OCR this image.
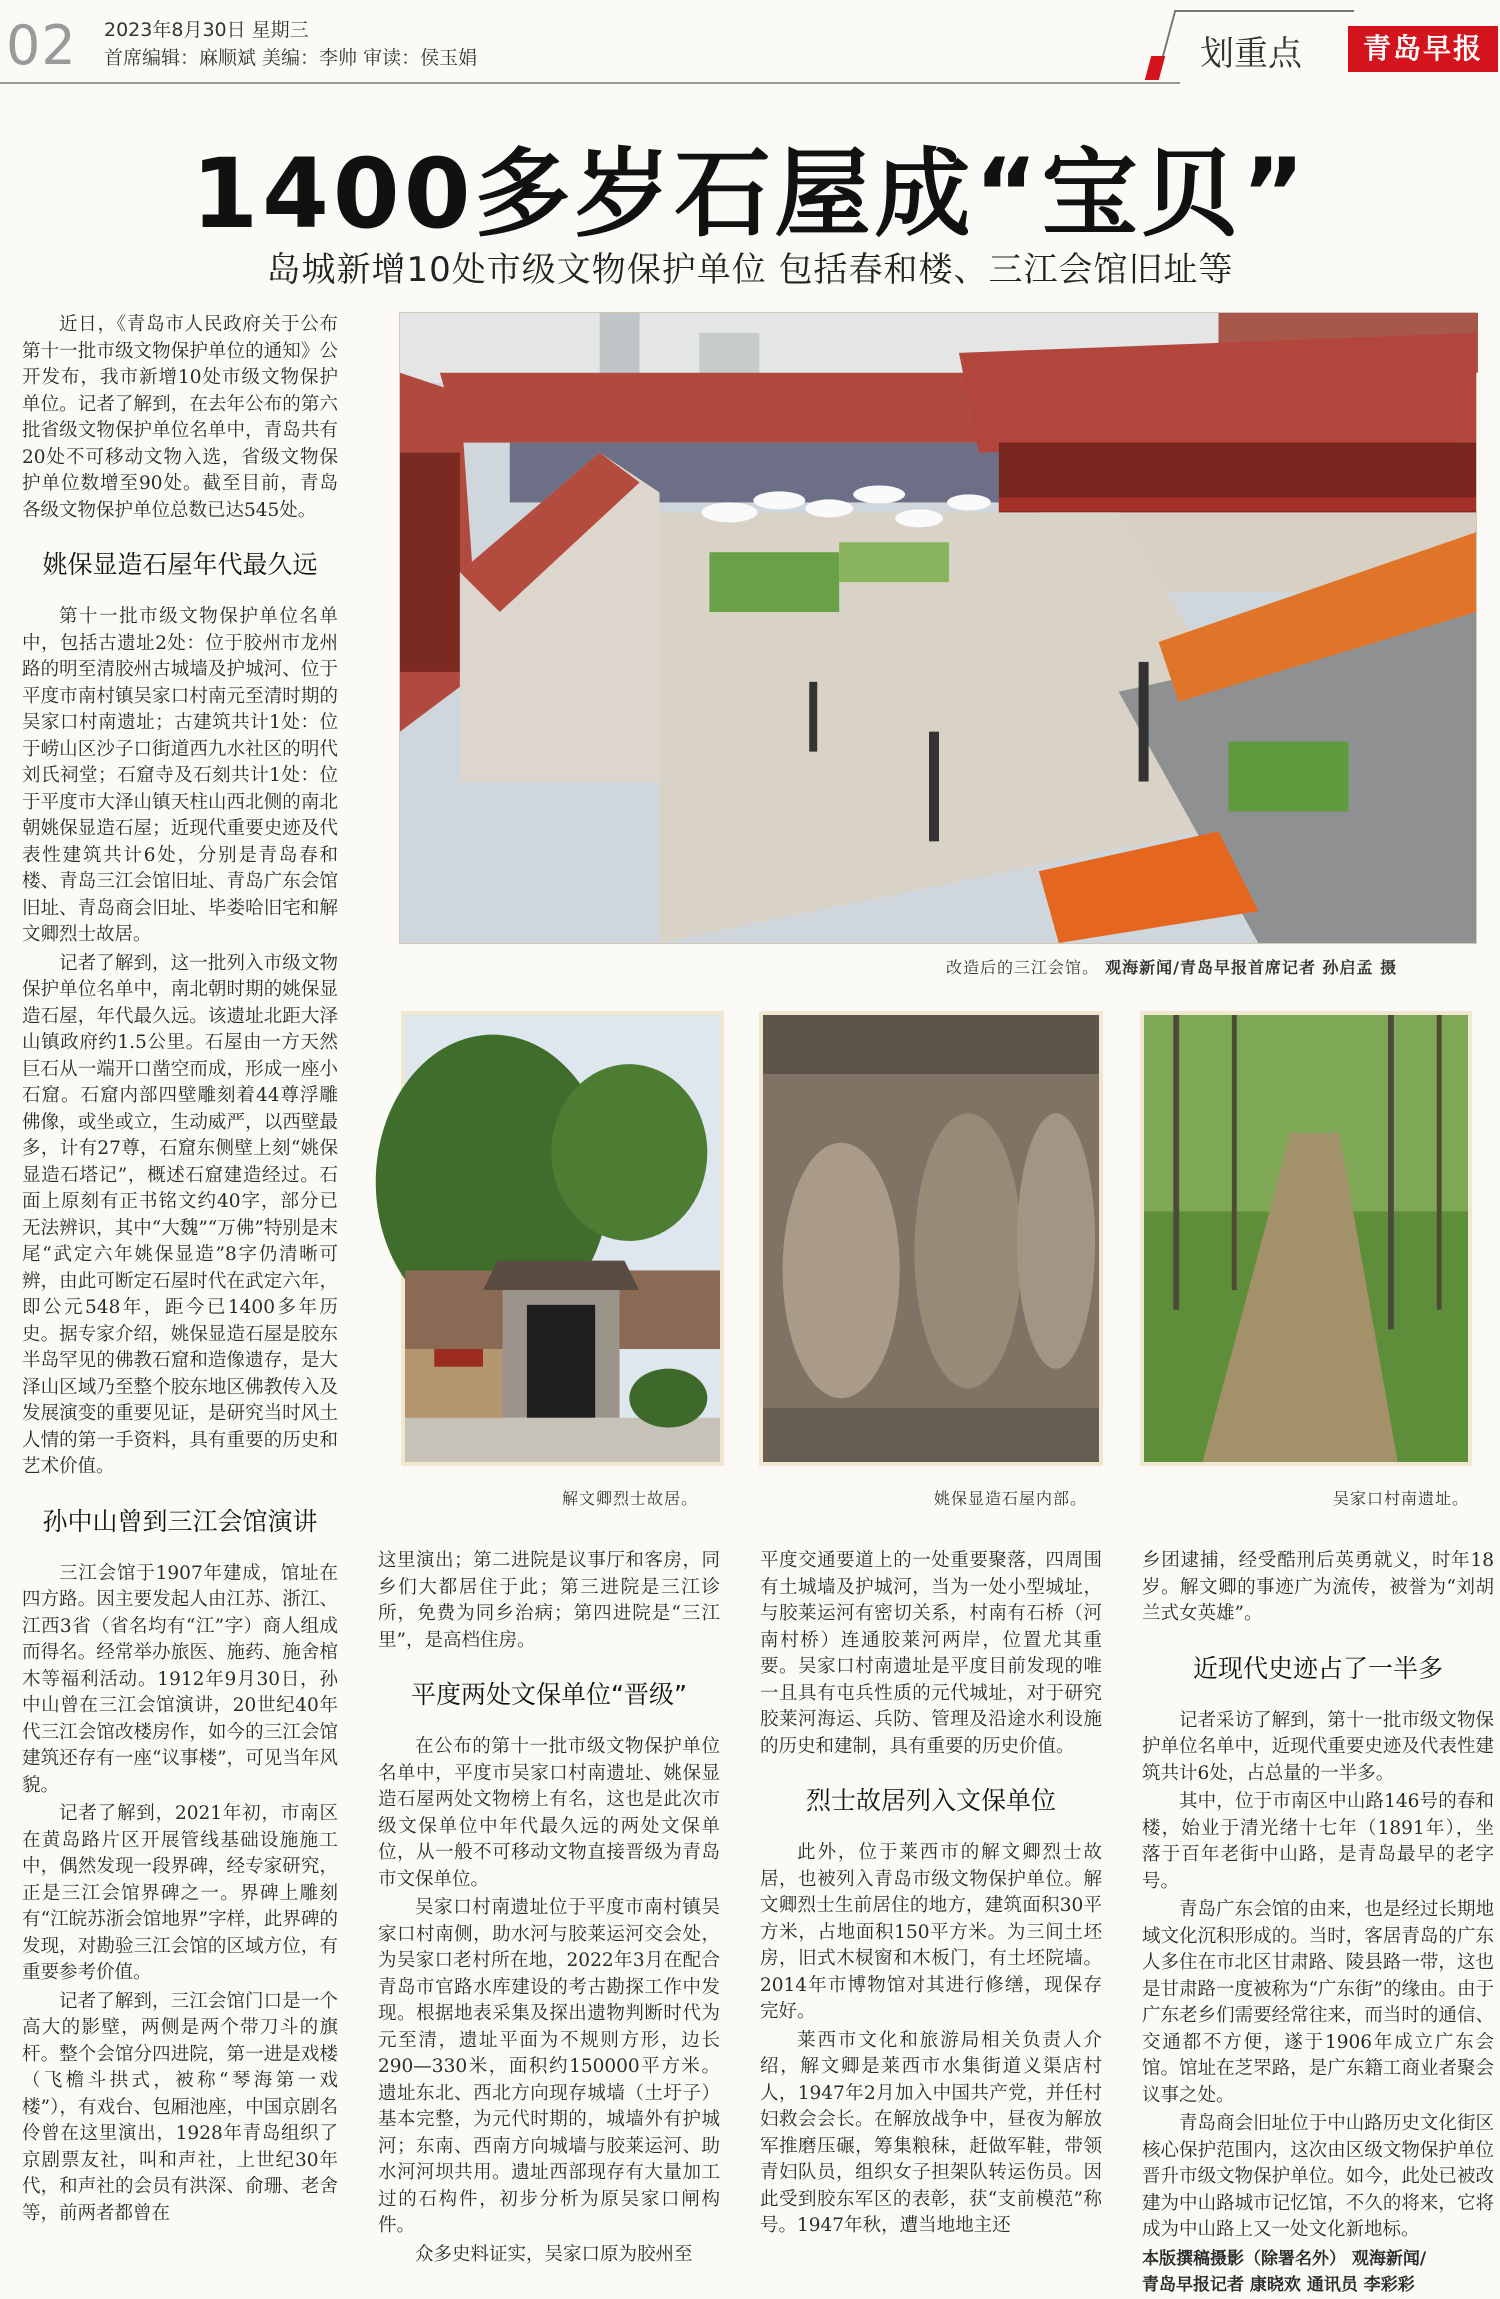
02 2023年8月30日 星期三
首席编辑：麻顺斌 美编：李帅 审读：侯玉娟	划重点	青岛早报
1400多岁石屋成“宝贝”
岛城新增10处市级文物保护单位 包括春和楼、三江会馆旧址等
改造后的三江会馆。 观海新闻/青岛早报首席记者 孙启孟 摄
解文卿烈士故居。	姚保显造石屋内部。	吴家口村南遗址。

近日，《青岛市人民政府关于公布第十一批市级文物保护单位的通知》公开发布，我市新增10处市级文物保护单位。记者了解到，在去年公布的第六批省级文物保护单位名单中，青岛共有20处不可移动文物入选，省级文物保护单位数增至90处。截至目前，青岛各级文物保护单位总数已达545处。

姚保显造石屋年代最久远

第十一批市级文物保护单位名单中，包括古遗址2处：位于胶州市龙州路的明至清胶州古城墙及护城河、位于平度市南村镇吴家口村南元至清时期的吴家口村南遗址；古建筑共计1处：位于崂山区沙子口街道西九水社区的明代刘氏祠堂；石窟寺及石刻共计1处：位于平度市大泽山镇天柱山西北侧的南北朝姚保显造石屋；近现代重要史迹及代表性建筑共计6处，分别是青岛春和楼、青岛三江会馆旧址、青岛广东会馆旧址、青岛商会旧址、毕娄哈旧宅和解文卿烈士故居。

记者了解到，这一批列入市级文物保护单位名单中，南北朝时期的姚保显造石屋，年代最久远。该遗址北距大泽山镇政府约1.5公里。石屋由一方天然巨石从一端开口凿空而成，形成一座小石窟。石窟内部四壁雕刻着44尊浮雕佛像，或坐或立，生动威严，以西壁最多，计有27尊，石窟东侧壁上刻“姚保显造石塔记”，概述石窟建造经过。石面上原刻有正书铭文约40字，部分已无法辨识，其中“大魏”“万佛”特别是末尾“武定六年姚保显造”8字仍清晰可辨，由此可断定石屋时代在武定六年，即公元548年，距今已1400多年历史。据专家介绍，姚保显造石屋是胶东半岛罕见的佛教石窟和造像遗存，是大泽山区域乃至整个胶东地区佛教传入及发展演变的重要见证，是研究当时风土人情的第一手资料，具有重要的历史和艺术价值。

孙中山曾到三江会馆演讲

三江会馆于1907年建成，馆址在四方路。因主要发起人由江苏、浙江、江西3省（省名均有“江”字）商人组成而得名。经常举办旅医、施药、施舍棺木等福利活动。1912年9月30日，孙中山曾在三江会馆演讲，20世纪40年代三江会馆改楼房作，如今的三江会馆建筑还存有一座“议事楼”，可见当年风貌。

记者了解到，2021年初，市南区在黄岛路片区开展管线基础设施施工中，偶然发现一段界碑，经专家研究，正是三江会馆界碑之一。界碑上雕刻有“江皖苏浙会馆地界”字样，此界碑的发现，对勘验三江会馆的区域方位，有重要参考价值。

记者了解到，三江会馆门口是一个高大的影壁，两侧是两个带刀斗的旗杆。整个会馆分四进院，第一进是戏楼（飞檐斗拱式，被称“琴海第一戏楼”），有戏台、包厢池座，中国京剧名伶曾在这里演出，1928年青岛组织了京剧票友社，叫和声社，上世纪30年代，和声社的会员有洪深、俞珊、老舍等，前两者都曾在

这里演出；第二进院是议事厅和客房，同乡们大都居住于此；第三进院是三江诊所，免费为同乡治病；第四进院是“三江里”，是高档住房。

平度两处文保单位“晋级”

在公布的第十一批市级文物保护单位名单中，平度市吴家口村南遗址、姚保显造石屋两处文物榜上有名，这也是此次市级文保单位中年代最久远的两处文保单位，从一般不可移动文物直接晋级为青岛市文保单位。

吴家口村南遗址位于平度市南村镇吴家口村南侧，助水河与胶莱运河交会处，为吴家口老村所在地，2022年3月在配合青岛市官路水库建设的考古勘探工作中发现。根据地表采集及探出遗物判断时代为元至清，遗址平面为不规则方形，边长290—330米，面积约150000平方米。遗址东北、西北方向现存城墙（土圩子）基本完整，为元代时期的，城墙外有护城河；东南、西南方向城墙与胶莱运河、助水河河坝共用。遗址西部现存有大量加工过的石构件，初步分析为原吴家口闸构件。

众多史料证实，吴家口原为胶州至

平度交通要道上的一处重要聚落，四周围有土城墙及护城河，当为一处小型城址，与胶莱运河有密切关系，村南有石桥（河南村桥）连通胶莱河两岸，位置尤其重要。吴家口村南遗址是平度目前发现的唯一且具有屯兵性质的元代城址，对于研究胶莱河海运、兵防、管理及沿途水利设施的历史和建制，具有重要的历史价值。

烈士故居列入文保单位

此外，位于莱西市的解文卿烈士故居，也被列入青岛市级文物保护单位。解文卿烈士生前居住的地方，建筑面积30平方米，占地面积150平方米。为三间土坯房，旧式木棂窗和木板门，有土坯院墙。2014年市博物馆对其进行修缮，现保存完好。

莱西市文化和旅游局相关负责人介绍，解文卿是莱西市水集街道义渠店村人，1947年2月加入中国共产党，并任村妇救会会长。在解放战争中，昼夜为解放军推磨压碾，筹集粮秣，赶做军鞋，带领青妇队员，组织女子担架队转运伤员。因此受到胶东军区的表彰，获“支前模范”称号。1947年秋，遭当地地主还

乡团逮捕，经受酷刑后英勇就义，时年18岁。解文卿的事迹广为流传，被誉为“刘胡兰式女英雄”。

近现代史迹占了一半多

记者采访了解到，第十一批市级文物保护单位名单中，近现代重要史迹及代表性建筑共计6处，占总量的一半多。

其中，位于市南区中山路146号的春和楼，始业于清光绪十七年（1891年），坐落于百年老街中山路，是青岛最早的老字号。

青岛广东会馆的由来，也是经过长期地域文化沉积形成的。当时，客居青岛的广东人多住在市北区甘肃路、陵县路一带，这也是甘肃路一度被称为“广东街”的缘由。由于广东老乡们需要经常往来，而当时的通信、交通都不方便，遂于1906年成立广东会馆。馆址在芝罘路，是广东籍工商业者聚会议事之处。

青岛商会旧址位于中山路历史文化街区核心保护范围内，这次由区级文物保护单位晋升市级文物保护单位。如今，此处已被改建为中山路城市记忆馆，不久的将来，它将成为中山路上又一处文化新地标。

本版撰稿摄影（除署名外） 观海新闻/
青岛早报记者 康晓欢 通讯员 李彩彩
